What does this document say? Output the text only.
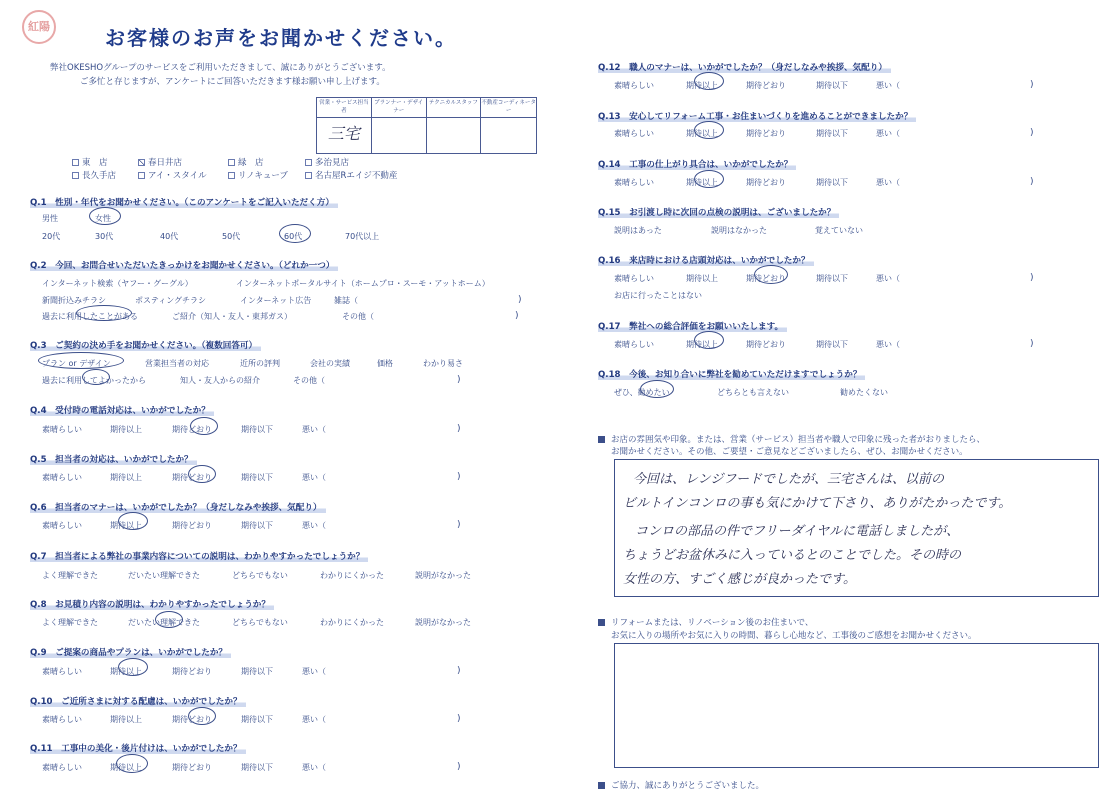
紅陽	お客様のお声をお聞かせください。
弊社OKESHOグループのサービスをご利用いただきまして、誠にありがとうございます。
ご多忙と存じますが、アンケートにご回答いただきます様お願い申し上げます。
営業・サービス担当者	プランナー・デザイナー	テクニカルスタッフ	不動産コーディネーター
三宅			
東　店	春日井店	緑　店	多治見店
長久手店	アイ・スタイル	リノキューブ	名古屋Rエイジ不動産
Q.1　性別・年代をお聞かせください。（このアンケートをご記入いただく方）
男性	女性
20代	30代	40代	50代	60代	70代以上
Q.2　今回、お問合せいただいたきっかけをお聞かせください。（どれか一つ）
インターネット検索（ヤフー・グーグル）	インターネットポータルサイト（ホームプロ・スーモ・アットホーム）
新聞折込みチラシ	ポスティングチラシ	インターネット広告	雑誌（	)
過去に利用したことがある	ご紹介（知人・友人・東邦ガス）	その他（	)
Q.3　ご契約の決め手をお聞かせください。（複数回答可）
プラン or デザイン	営業担当者の対応	近所の評判	会社の実績	価格	わかり易さ
過去に利用してよかったから	知人・友人からの紹介	その他（	)
Q.4　受付時の電話対応は、いかがでしたか？
素晴らしい	期待以上	期待どおり	期待以下	悪い（	)
Q.5　担当者の対応は、いかがでしたか？
素晴らしい	期待以上	期待どおり	期待以下	悪い（	)
Q.6　担当者のマナーは、いかがでしたか？（身だしなみや挨拶、気配り）
素晴らしい	期待以上	期待どおり	期待以下	悪い（	)
Q.7　担当者による弊社の事業内容についての説明は、わかりやすかったでしょうか？
よく理解できた	だいたい理解できた	どちらでもない	わかりにくかった	説明がなかった
Q.8　お見積り内容の説明は、わかりやすかったでしょうか？
よく理解できた	だいたい理解できた	どちらでもない	わかりにくかった	説明がなかった
Q.9　ご提案の商品やプランは、いかがでしたか？
素晴らしい	期待以上	期待どおり	期待以下	悪い（	)
Q.10　ご近所さまに対する配慮は、いかがでしたか？
素晴らしい	期待以上	期待どおり	期待以下	悪い（	)
Q.11　工事中の美化・後片付けは、いかがでしたか？
素晴らしい	期待以上	期待どおり	期待以下	悪い（	)
Q.12　職人のマナーは、いかがでしたか？（身だしなみや挨拶、気配り）
素晴らしい	期待以上	期待どおり	期待以下	悪い（	)
Q.13　安心してリフォーム工事・お住まいづくりを進めることができましたか？
素晴らしい	期待以上	期待どおり	期待以下	悪い（	)
Q.14　工事の仕上がり具合は、いかがでしたか？
素晴らしい	期待以上	期待どおり	期待以下	悪い（	)
Q.15　お引渡し時に次回の点検の説明は、ございましたか？
説明はあった	説明はなかった	覚えていない
Q.16　来店時における店頭対応は、いかがでしたか？
素晴らしい	期待以上	期待どおり	期待以下	悪い（	)
お店に行ったことはない
Q.17　弊社への総合評価をお願いいたします。
素晴らしい	期待以上	期待どおり	期待以下	悪い（	)
Q.18　今後、お知り合いに弊社を勧めていただけますでしょうか？
ぜひ、勧めたい	どちらとも言えない	勧めたくない
お店の雰囲気や印象。または、営業（サービス）担当者や職人で印象に残った者がおりましたら、
お聞かせください。その他、ご要望・ご意見などございましたら、ぜひ、お聞かせください。
今回は、レンジフードでしたが、三宅さんは、以前の
ビルトインコンロの事も気にかけて下さり、ありがたかったです。
コンロの部品の件でフリーダイヤルに電話しましたが、
ちょうどお盆休みに入っているとのことでした。その時の
女性の方、すごく感じが良かったです。
リフォームまたは、リノベーション後のお住まいで、
お気に入りの場所やお気に入りの時間、暮らし心地など、工事後のご感想をお聞かせください。
ご協力、誠にありがとうございました。
